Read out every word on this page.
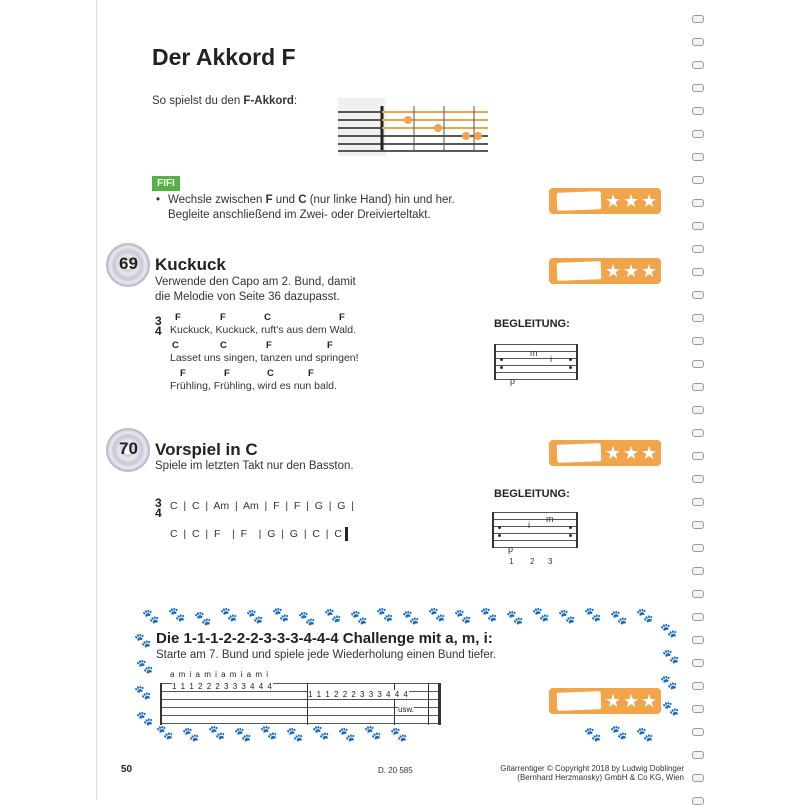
Der Akkord F
So spielst du den F-Akkord:
FIFI
• Wechsle zwischen F und C (nur linke Hand) hin und her.
Begleite anschließend im Zwei- oder Dreivierteltakt.
★ ★ ★
69 Kuckuck
Verwende den Capo am 2. Bund, damit
die Melodie von Seite 36 dazupasst.
★ ★ ★
3
4
F	F	C	F
Kuckuck, Kuckuck, ruft's aus dem Wald.
C	C	F	F
Lasset uns singen, tanzen und springen!
F	F	C	F
Frühling, Frühling, wird es nun bald.
BEGLEITUNG:
m
i
p
70 Vorspiel in C
Spiele im letzten Takt nur den Basston.
★ ★ ★
3
4 C  |  C  |  Am  |  Am  |  F  |  F  |  G  |  G  |
C  |  C  |  F    |  F    |  G  |  G  |  C  |  C
BEGLEITUNG:
m
i
p
1 2 3
🐾 🐾 🐾 🐾 🐾 🐾 🐾 🐾 🐾 🐾 🐾 🐾 🐾 🐾 🐾 🐾 🐾 🐾 🐾 🐾
🐾
🐾
🐾
🐾
🐾
🐾
🐾
🐾
🐾 🐾 🐾 🐾 🐾 🐾 🐾 🐾 🐾 🐾	🐾 🐾 🐾
Die 1-1-1-2-2-2-3-3-3-4-4-4 Challenge mit a, m, i:
Starte am 7. Bund und spiele jede Wiederholung einen Bund tiefer.
a m i a m i a m i a m i
1 1 1 2 2 2 3 3 3 4 4 4
1 1 1 2 2 2 3 3 3 4 4 4
usw.	★ ★ ★
50	D. 20 585	Gitarrentiger © Copyright 2018 by Ludwig Doblinger
(Bernhard Herzmansky) GmbH & Co KG, Wien
